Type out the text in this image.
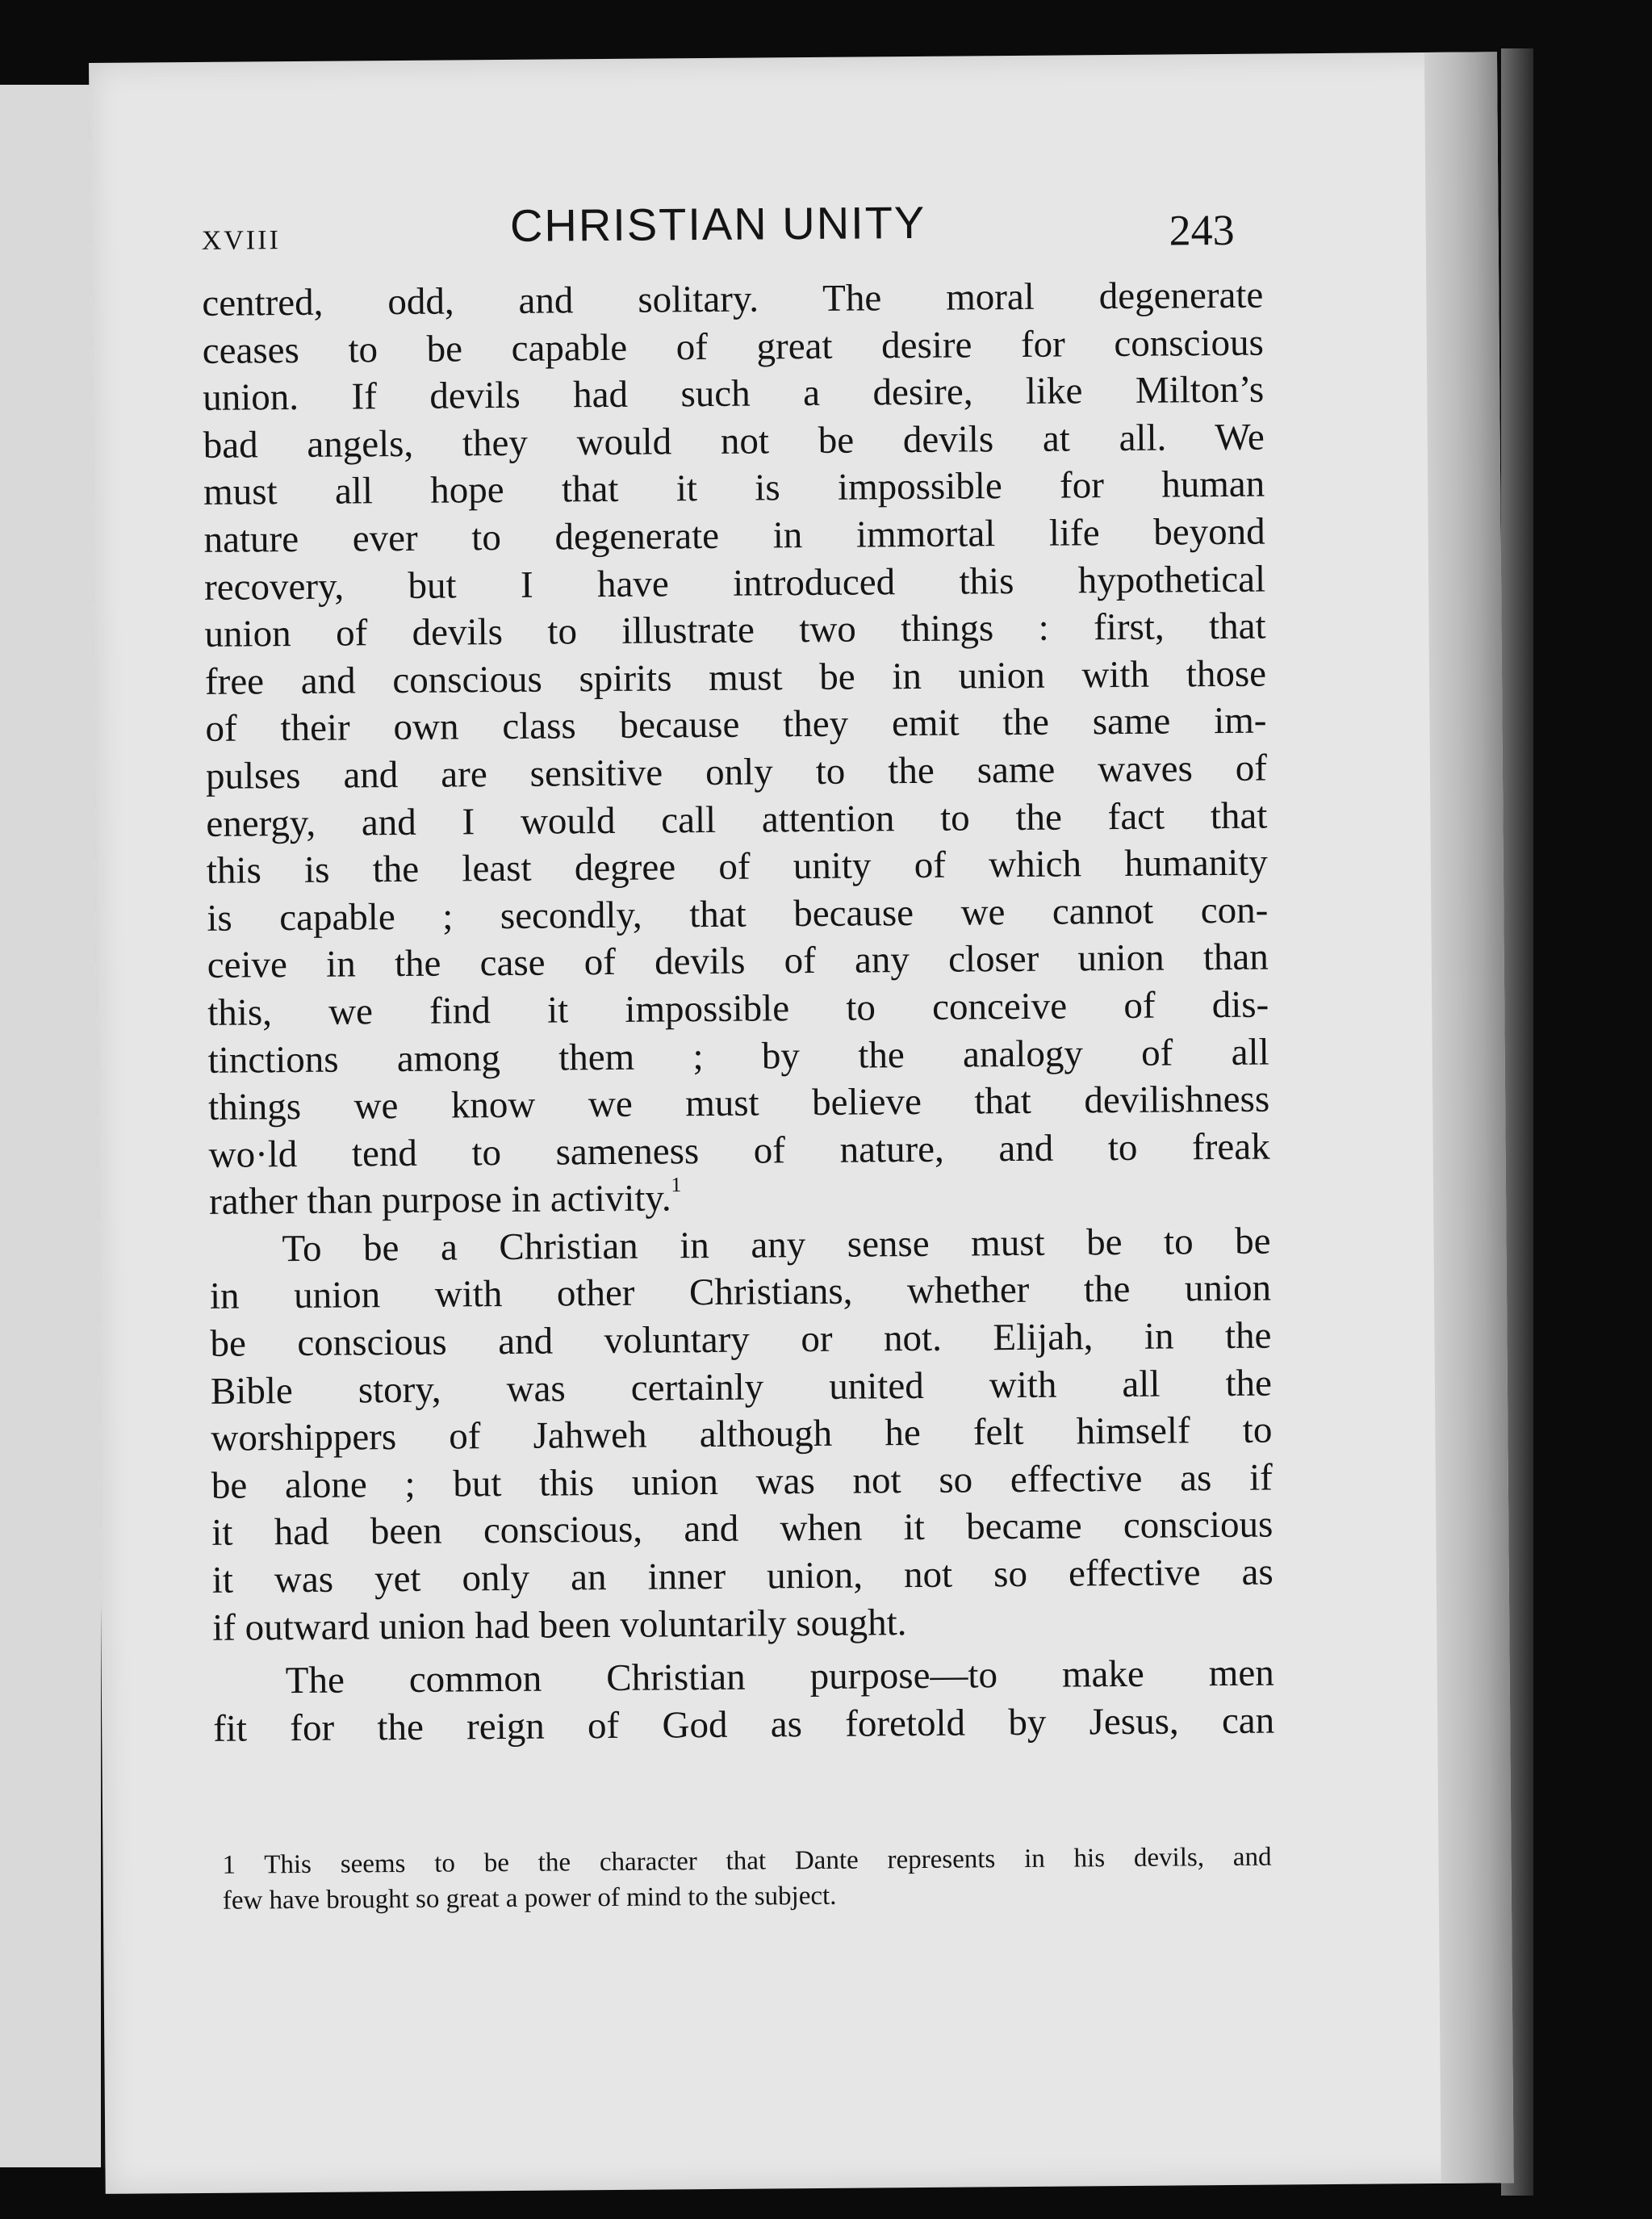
XVIII	CHRISTIAN UNITY	243
centred, odd, and solitary. The moral degenerate
ceases to be capable of great desire for conscious
union. If devils had such a desire, like Milton’s
bad angels, they would not be devils at all. We
must all hope that it is impossible for human
nature ever to degenerate in immortal life beyond
recovery, but I have introduced this hypothetical
union of devils to illustrate two things : first, that
free and conscious spirits must be in union with those
of their own class because they emit the same im-
pulses and are sensitive only to the same waves of
energy, and I would call attention to the fact that
this is the least degree of unity of which humanity
is capable ; secondly, that because we cannot con-
ceive in the case of devils of any closer union than
this, we find it impossible to conceive of dis-
tinctions among them ; by the analogy of all
things we know we must believe that devilishness
wo·ld tend to sameness of nature, and to freak
rather than purpose in activity.$^1$
To be a Christian in any sense must be to be
in union with other Christians, whether the union
be conscious and voluntary or not. Elijah, in the
Bible story, was certainly united with all the
worshippers of Jahweh although he felt himself to
be alone ; but this union was not so effective as if
it had been conscious, and when it became conscious
it was yet only an inner union, not so effective as
if outward union had been voluntarily sought.
The common Christian purpose—to make men
fit for the reign of God as foretold by Jesus, can
1 This seems to be the character that Dante represents in his devils, and
few have brought so great a power of mind to the subject.
